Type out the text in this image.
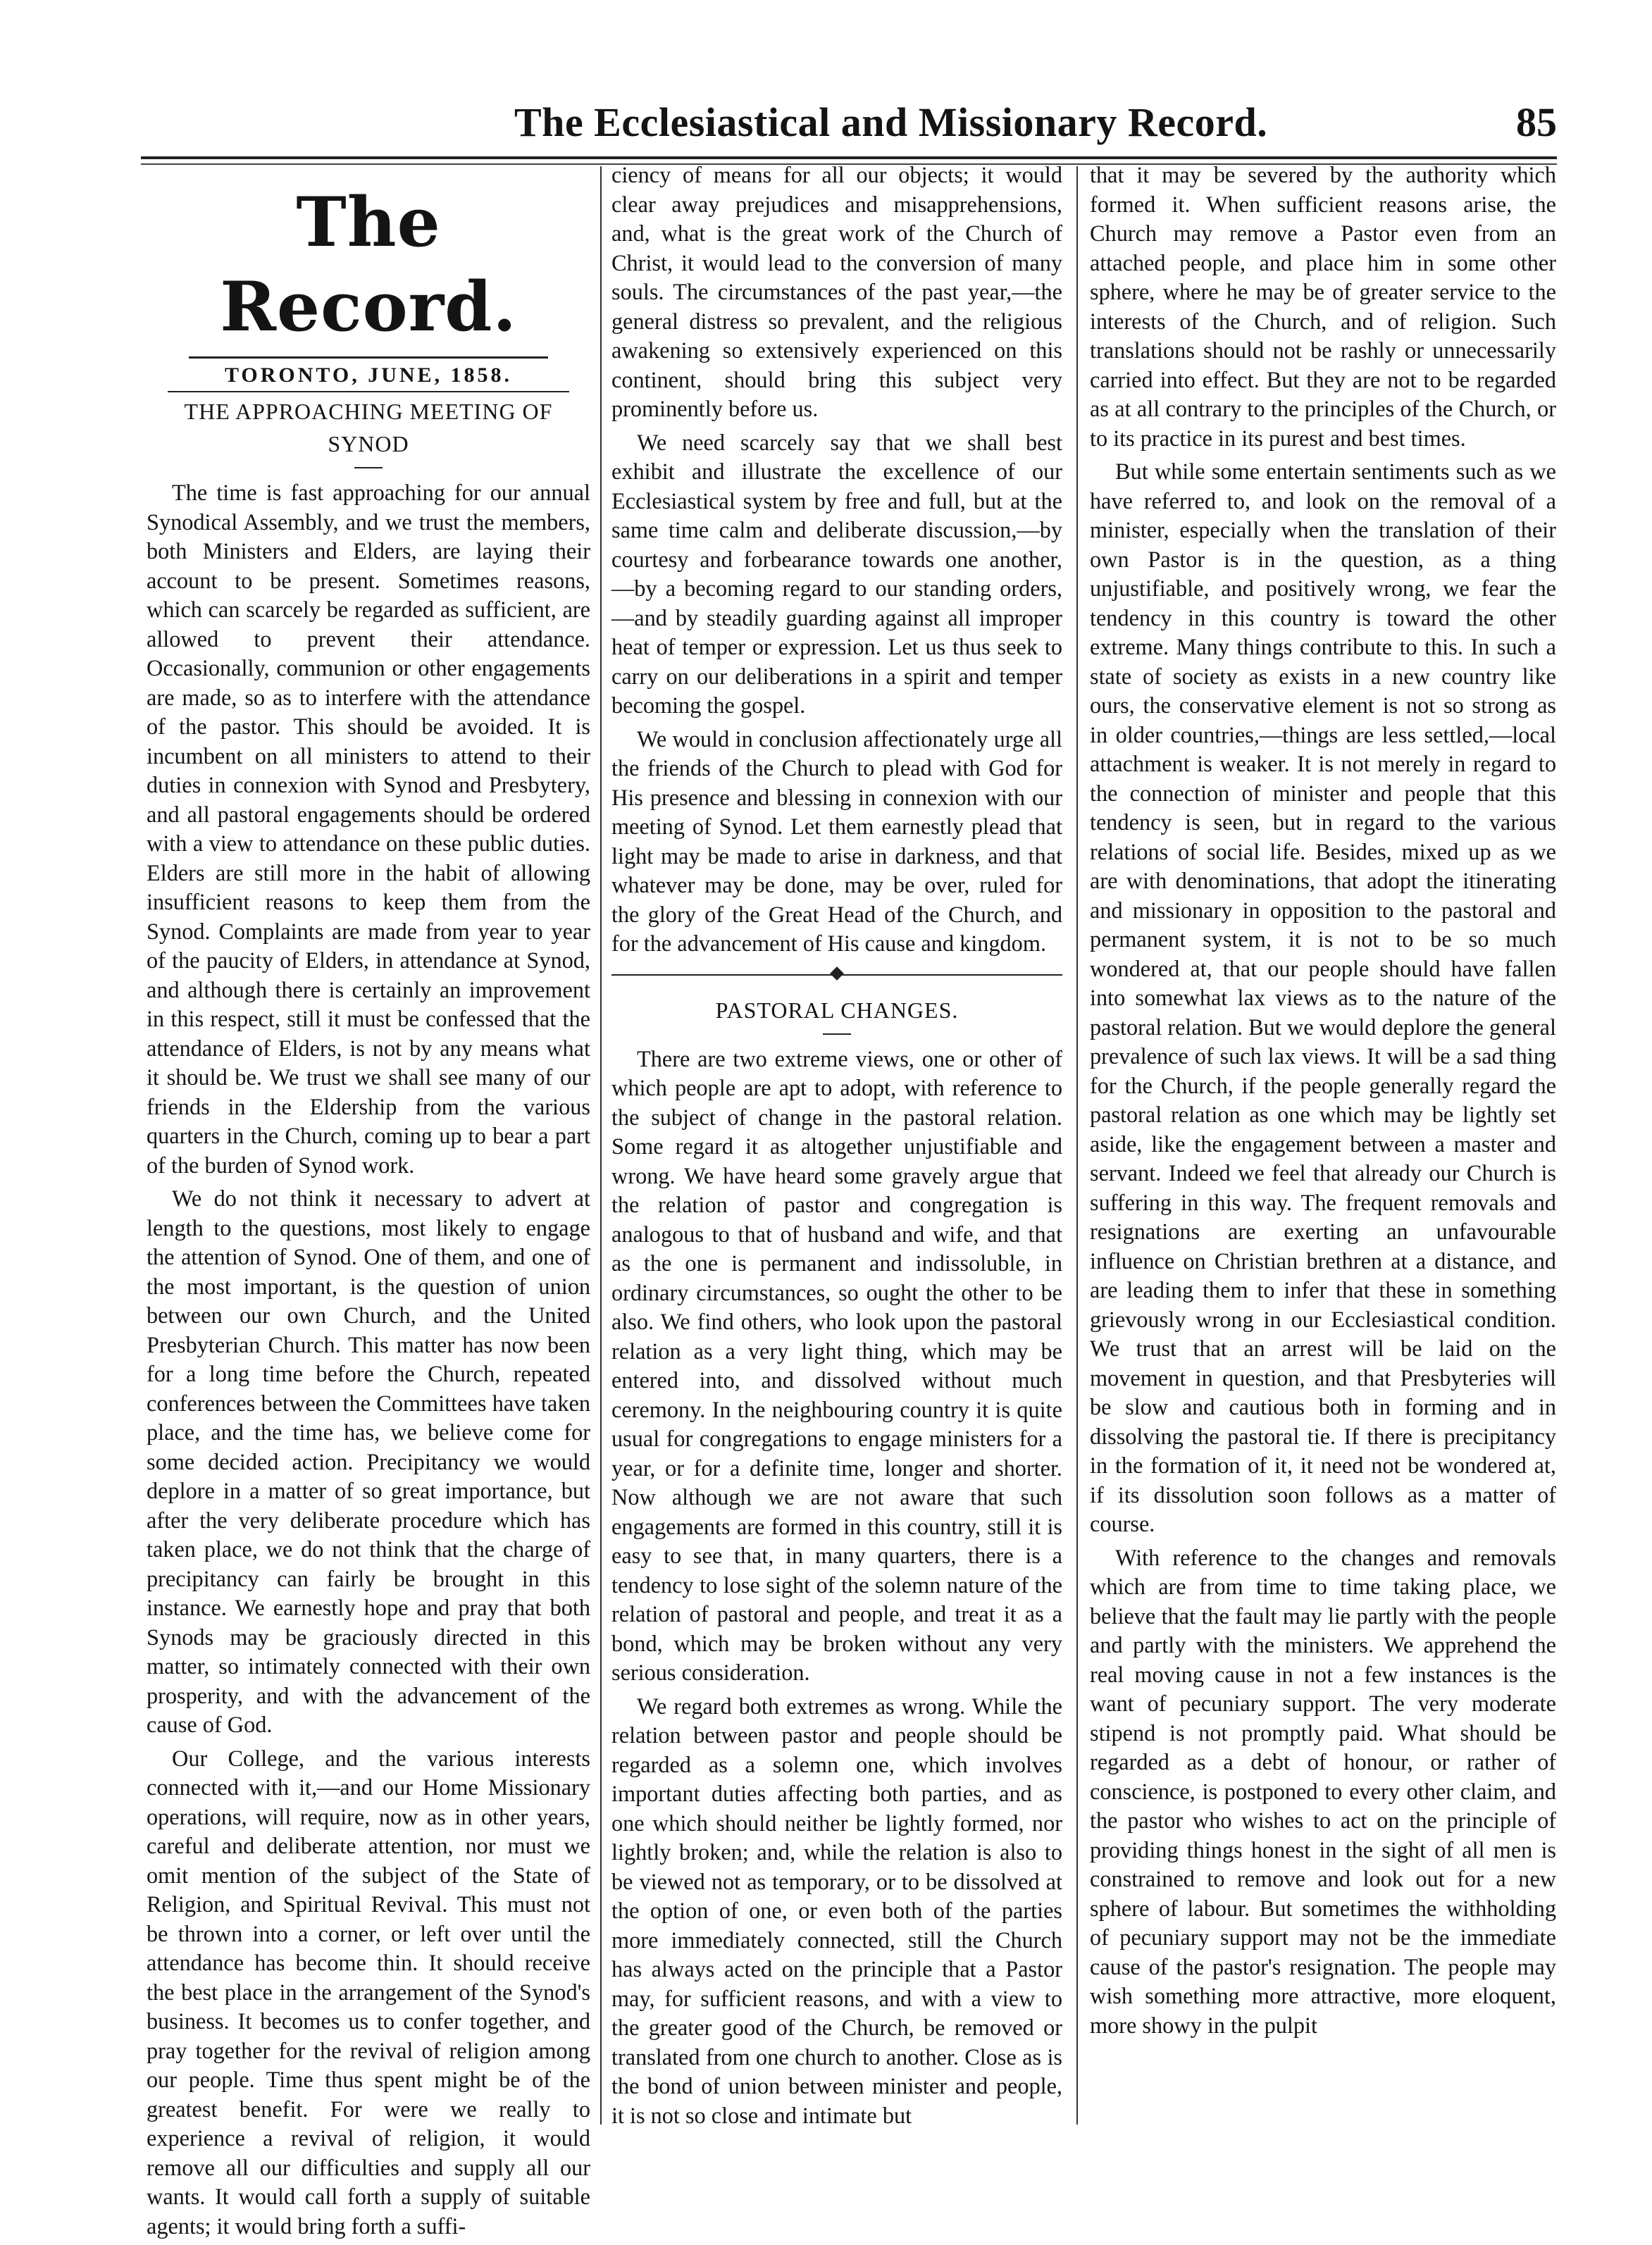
The Ecclesiastical and Missionary Record.	85
The Record.
TORONTO, JUNE, 1858.
THE APPROACHING MEETING OF SYNOD

The time is fast approaching for our annual Synodical Assembly, and we trust the members, both Ministers and Elders, are laying their account to be present. Sometimes reasons, which can scarcely be regarded as sufficient, are allowed to prevent their attendance. Occasionally, communion or other engagements are made, so as to interfere with the attendance of the pastor. This should be avoided. It is incumbent on all ministers to attend to their duties in connexion with Synod and Presbytery, and all pastoral engagements should be ordered with a view to attendance on these public duties. Elders are still more in the habit of allowing insufficient reasons to keep them from the Synod. Complaints are made from year to year of the paucity of Elders, in attendance at Synod, and although there is certainly an improvement in this respect, still it must be confessed that the attendance of Elders, is not by any means what it should be. We trust we shall see many of our friends in the Eldership from the various quarters in the Church, coming up to bear a part of the burden of Synod work.

We do not think it necessary to advert at length to the questions, most likely to engage the attention of Synod. One of them, and one of the most important, is the question of union between our own Church, and the United Presbyterian Church. This matter has now been for a long time before the Church, repeated conferences between the Committees have taken place, and the time has, we believe come for some decided action. Precipitancy we would deplore in a matter of so great importance, but after the very deliberate procedure which has taken place, we do not think that the charge of precipitancy can fairly be brought in this instance. We earnestly hope and pray that both Synods may be graciously directed in this matter, so intimately connected with their own prosperity, and with the advancement of the cause of God.

Our College, and the various interests connected with it,—and our Home Missionary operations, will require, now as in other years, careful and deliberate attention, nor must we omit mention of the subject of the State of Religion, and Spiritual Revival. This must not be thrown into a corner, or left over until the attendance has become thin. It should receive the best place in the arrangement of the Synod's business. It becomes us to confer together, and pray together for the revival of religion among our people. Time thus spent might be of the greatest benefit. For were we really to experience a revival of religion, it would remove all our difficulties and supply all our wants. It would call forth a supply of suitable agents; it would bring forth a suffi-

ciency of means for all our objects; it would clear away prejudices and misapprehensions, and, what is the great work of the Church of Christ, it would lead to the conversion of many souls. The circumstances of the past year,—the general distress so prevalent, and the religious awakening so extensively experienced on this continent, should bring this subject very prominently before us.

We need scarcely say that we shall best exhibit and illustrate the excellence of our Ecclesiastical system by free and full, but at the same time calm and deliberate discussion,—by courtesy and forbearance towards one another, —by a becoming regard to our standing orders,—and by steadily guarding against all improper heat of temper or expression. Let us thus seek to carry on our deliberations in a spirit and temper becoming the gospel.

We would in conclusion affectionately urge all the friends of the Church to plead with God for His presence and blessing in connexion with our meeting of Synod. Let them earnestly plead that light may be made to arise in darkness, and that whatever may be done, may be over, ruled for the glory of the Great Head of the Church, and for the advancement of His cause and kingdom.

PASTORAL CHANGES.

There are two extreme views, one or other of which people are apt to adopt, with reference to the subject of change in the pastoral relation. Some regard it as altogether unjustifiable and wrong. We have heard some gravely argue that the relation of pastor and congregation is analogous to that of husband and wife, and that as the one is permanent and indissoluble, in ordinary circumstances, so ought the other to be also. We find others, who look upon the pastoral relation as a very light thing, which may be entered into, and dissolved without much ceremony. In the neighbouring country it is quite usual for congregations to engage ministers for a year, or for a definite time, longer and shorter. Now although we are not aware that such engagements are formed in this country, still it is easy to see that, in many quarters, there is a tendency to lose sight of the solemn nature of the relation of pastoral and people, and treat it as a bond, which may be broken without any very serious consideration.

We regard both extremes as wrong. While the relation between pastor and people should be regarded as a solemn one, which involves important duties affecting both parties, and as one which should neither be lightly formed, nor lightly broken; and, while the relation is also to be viewed not as temporary, or to be dissolved at the option of one, or even both of the parties more immediately connected, still the Church has always acted on the principle that a Pastor may, for sufficient reasons, and with a view to the greater good of the Church, be removed or translated from one church to another. Close as is the bond of union between minister and people, it is not so close and intimate but

that it may be severed by the authority which formed it. When sufficient reasons arise, the Church may remove a Pastor even from an attached people, and place him in some other sphere, where he may be of greater service to the interests of the Church, and of religion. Such translations should not be rashly or unnecessarily carried into effect. But they are not to be regarded as at all contrary to the principles of the Church, or to its practice in its purest and best times.

But while some entertain sentiments such as we have referred to, and look on the removal of a minister, especially when the translation of their own Pastor is in the question, as a thing unjustifiable, and positively wrong, we fear the tendency in this country is toward the other extreme. Many things contribute to this. In such a state of society as exists in a new country like ours, the conservative element is not so strong as in older countries,—things are less settled,—local attachment is weaker. It is not merely in regard to the connection of minister and people that this tendency is seen, but in regard to the various relations of social life. Besides, mixed up as we are with denominations, that adopt the itinerating and missionary in opposition to the pastoral and permanent system, it is not to be so much wondered at, that our people should have fallen into somewhat lax views as to the nature of the pastoral relation. But we would deplore the general prevalence of such lax views. It will be a sad thing for the Church, if the people generally regard the pastoral relation as one which may be lightly set aside, like the engagement between a master and servant. Indeed we feel that already our Church is suffering in this way. The frequent removals and resignations are exerting an unfavourable influence on Christian brethren at a distance, and are leading them to infer that these in something grievously wrong in our Ecclesiastical condition. We trust that an arrest will be laid on the movement in question, and that Presbyteries will be slow and cautious both in forming and in dissolving the pastoral tie. If there is precipitancy in the formation of it, it need not be wondered at, if its dissolution soon follows as a matter of course.

With reference to the changes and removals which are from time to time taking place, we believe that the fault may lie partly with the people and partly with the ministers. We apprehend the real moving cause in not a few instances is the want of pecuniary support. The very moderate stipend is not promptly paid. What should be regarded as a debt of honour, or rather of conscience, is postponed to every other claim, and the pastor who wishes to act on the principle of providing things honest in the sight of all men is constrained to remove and look out for a new sphere of labour. But sometimes the withholding of pecuniary support may not be the immediate cause of the pastor's resignation. The people may wish something more attractive, more eloquent, more showy in the pulpit
